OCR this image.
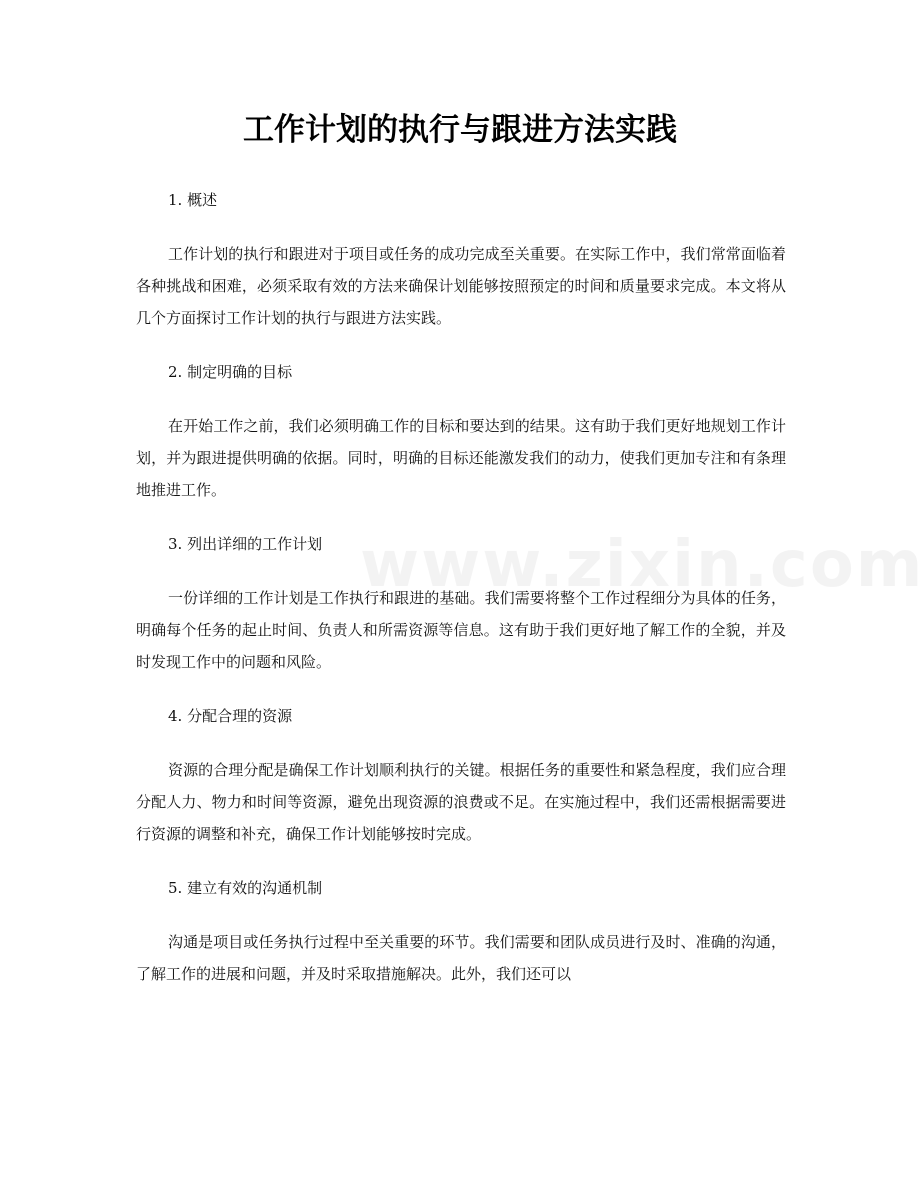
工作计划的执行与跟进方法实践
1. 概述

工作计划的执行和跟进对于项目或任务的成功完成至关重要。在实际工作中，我们常常面临着各种挑战和困难，必须采取有效的方法来确保计划能够按照预定的时间和质量要求完成。本文将从几个方面探讨工作计划的执行与跟进方法实践。

2. 制定明确的目标

在开始工作之前，我们必须明确工作的目标和要达到的结果。这有助于我们更好地规划工作计划，并为跟进提供明确的依据。同时，明确的目标还能激发我们的动力，使我们更加专注和有条理地推进工作。

3. 列出详细的工作计划

一份详细的工作计划是工作执行和跟进的基础。我们需要将整个工作过程细分为具体的任务，明确每个任务的起止时间、负责人和所需资源等信息。这有助于我们更好地了解工作的全貌，并及时发现工作中的问题和风险。

4. 分配合理的资源

资源的合理分配是确保工作计划顺利执行的关键。根据任务的重要性和紧急程度，我们应合理分配人力、物力和时间等资源，避免出现资源的浪费或不足。在实施过程中，我们还需根据需要进行资源的调整和补充，确保工作计划能够按时完成。

5. 建立有效的沟通机制

沟通是项目或任务执行过程中至关重要的环节。我们需要和团队成员进行及时、准确的沟通，了解工作的进展和问题，并及时采取措施解决。此外，我们还可以
